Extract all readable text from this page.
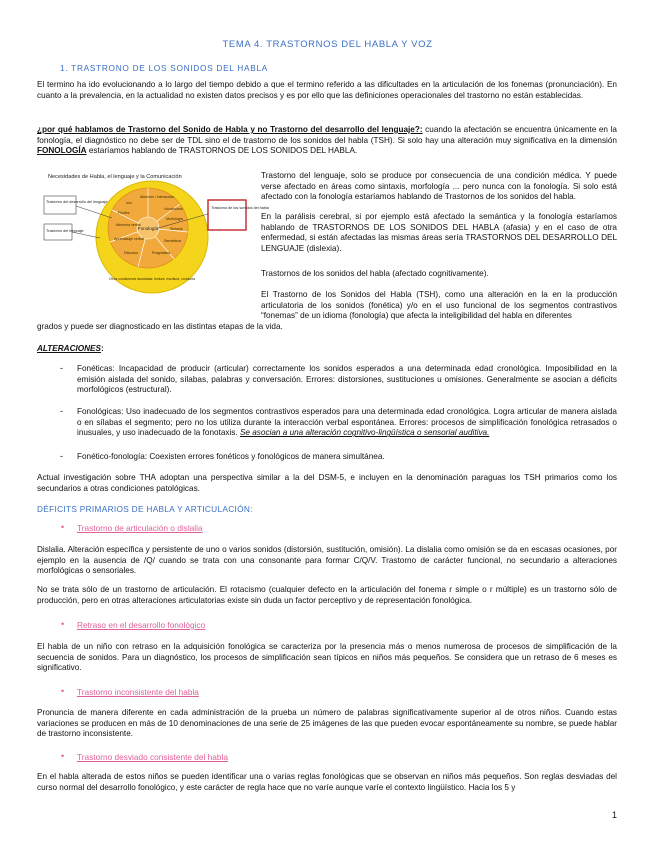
TEMA 4. TRASTORNOS DEL HABLA Y VOZ
1. TRASTRONO DE LOS SONIDOS DEL HABLA

El termino ha ido evolucionando a lo largo del tiempo debido a que el termino referido a las dificultades en la articulación de los fonemas (pronunciación). En cuanto a la prevalencia, en la actualidad no existen datos precisos y es por ello que las definiciones operacionales del trastorno no están establecidas.

¿por qué hablamos de Trastorno del Sonido de Habla y no Trastorno del desarrollo del lenguaje?: cuando la afectación se encuentra únicamente en la fonología, el diagnóstico no debe ser de TDL sino el de trastorno de los sonidos del habla (TSH). Si solo hay una alteración muy significativa en la dimensión FONOLOGÍA estaríamos hablando de TRASTORNOS DE LOS SONIDOS DEL HABLA.

Necesidades de Habla, el lenguaje y la Comunicación
Fonología
Atención / interacción
Vocabulario
Morfología
Sintaxis
Semántica
Pragmática
Discurso
Aprendizaje verbal
Memoria verbal
Fluidez
Voz
Otras condiciones asociadas: lectura, escritura, conducta
Trastorno del desarrollo del lenguaje
Trastorno del lenguaje
Trastorno de los sonidos del habla

Trastorno del lenguaje, solo se produce por consecuencia de una condición médica. Y puede verse afectado en áreas como sintaxis, morfología ... pero nunca con la fonología. Si solo está afectado con la fonología estaríamos hablando de Trastornos de los sonidos del habla.

En la parálisis cerebral, si por ejemplo está afectado la semántica y la fonología estaríamos hablando de TRASTORNOS DE LOS SONIDOS DEL HABLA (afasia) y en el caso de otra enfermedad, si están afectadas las mismas áreas sería TRASTORNOS DEL DESARROLLO DEL LENGUAJE (dislexia).

Trastornos de los sonidos del habla (afectado cognitivamente).

El Trastorno de los Sonidos del Habla (TSH), como una alteración en la en la producción articulatoria de los sonidos (fonética) y/o en el uso funcional de los segmentos contrastivos “fonemas” de un idioma (fonología) que afecta la inteligibilidad del habla en diferentes

grados y puede ser diagnosticado en las distintas etapas de la vida.

ALTERACIONES:
- Fonéticas: Incapacidad de producir (articular) correctamente los sonidos esperados a una determinada edad cronológica. Imposibilidad en la emisión aislada del sonido, sílabas, palabras y conversación. Errores: distorsiones, sustituciones u omisiones. Generalmente se asocian a déficits morfológicos (estructural).

- Fonológicas: Uso inadecuado de los segmentos contrastivos esperados para una determinada edad cronológica. Logra articular de manera aislada o en sílabas el segmento; pero no los utiliza durante la interacción verbal espontánea. Errores: procesos de simplificación fonológica retrasados o inusuales, y uso inadecuado de la fonotaxis. Se asocian a una alteración cognitivo-lingüística o sensorial auditiva.

- Fonético-fonología: Coexisten errores fonéticos y fonológicos de manera simultánea.

Actual investigación sobre THA adoptan una perspectiva similar a la del DSM-5, e incluyen en la denominación paraguas los TSH primarios como los secundarios a otras condiciones patológicas.

DÉFICITS PRIMARIOS DE HABLA Y ARTICULACIÓN:
• Trastorno de articulación o dislalia

Dislalia. Alteración específica y persistente de uno o varios sonidos (distorsión, sustitución, omisión). La dislalia como omisión se da en escasas ocasiones, por ejemplo en la ausencia de /Q/ cuando se trata con una consonante para formar C/Q/V. Trastorno de carácter funcional, no secundario a alteraciones morfológicas o sensoriales.

No se trata sólo de un trastorno de articulación. El rotacismo (cualquier defecto en la articulación del fonema r simple o r múltiple) es un trastorno sólo de producción, pero en otras alteraciones articulatorias existe sin duda un factor perceptivo y de representación fonológica.

• Retraso en el desarrollo fonológico

El habla de un niño con retraso en la adquisición fonológica se caracteriza por la presencia más o menos numerosa de procesos de simplificación de la secuencia de sonidos. Para un diagnóstico, los procesos de simplificación sean típicos en niños más pequeños. Se considera que un retraso de 6 meses es significativo.

• Trastorno inconsistente del habla

Pronuncia de manera diferente en cada administración de la prueba un número de palabras significativamente superior al de otros niños. Cuando estas variaciones se producen en más de 10 denominaciones de una serie de 25 imágenes de las que pueden evocar espontáneamente su nombre, se puede hablar de trastorno inconsistente.

• Trastorno desviado consistente del habla

En el habla alterada de estos niños se pueden identificar una o varias reglas fonológicas que se observan en niños más pequeños. Son reglas desviadas del curso normal del desarrollo fonológico, y este carácter de regla hace que no varíe aunque varíe el contexto lingüístico. Hacia los 5 y

1
